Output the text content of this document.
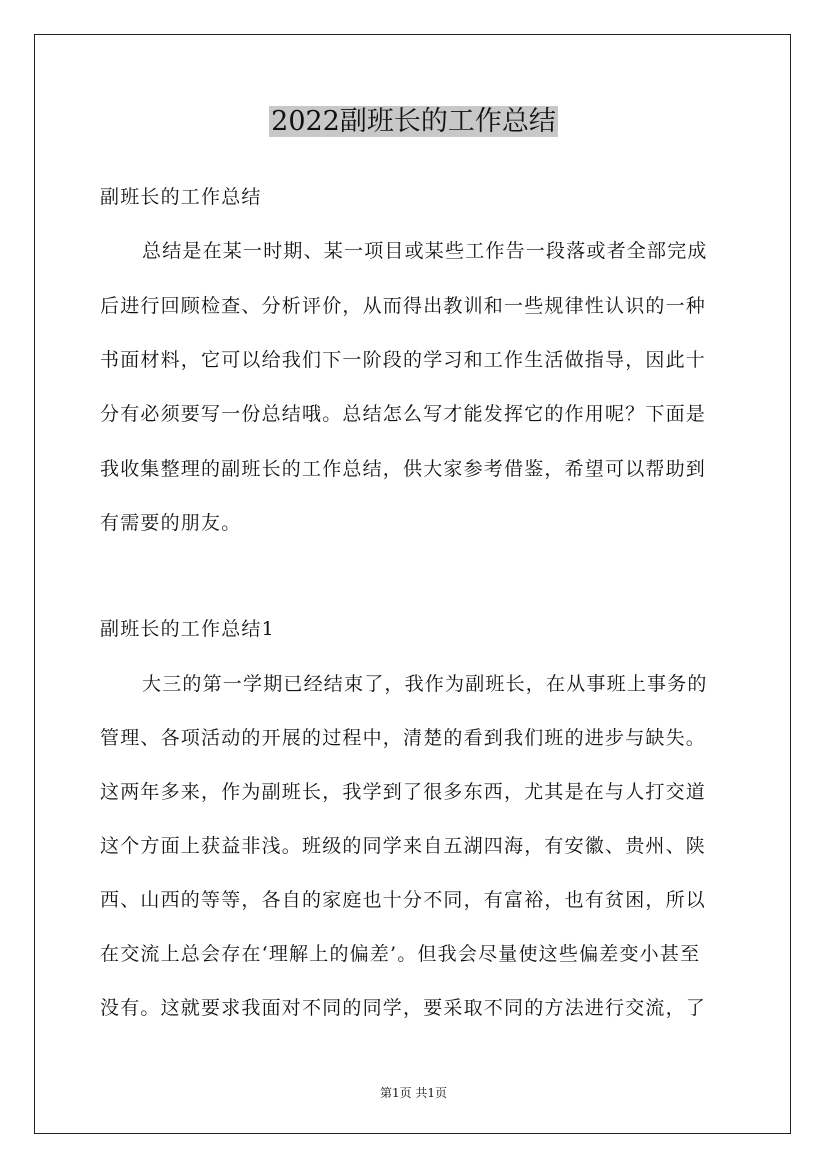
2022副班长的工作总结
副班长的工作总结
总结是在某一时期、某一项目或某些工作告一段落或者全部完成
后进行回顾检查、分析评价，从而得出教训和一些规律性认识的一种
书面材料，它可以给我们下一阶段的学习和工作生活做指导，因此十
分有必须要写一份总结哦。总结怎么写才能发挥它的作用呢？下面是
我收集整理的副班长的工作总结，供大家参考借鉴，希望可以帮助到
有需要的朋友。
副班长的工作总结1
大三的第一学期已经结束了，我作为副班长，在从事班上事务的
管理、各项活动的开展的过程中，清楚的看到我们班的进步与缺失。
这两年多来，作为副班长，我学到了很多东西，尤其是在与人打交道
这个方面上获益非浅。班级的同学来自五湖四海，有安徽、贵州、陕
西、山西的等等，各自的家庭也十分不同，有富裕，也有贫困，所以
在交流上总会存在‘理解上的偏差’。但我会尽量使这些偏差变小甚至
没有。这就要求我面对不同的同学，要采取不同的方法进行交流，了
第1页 共1页
